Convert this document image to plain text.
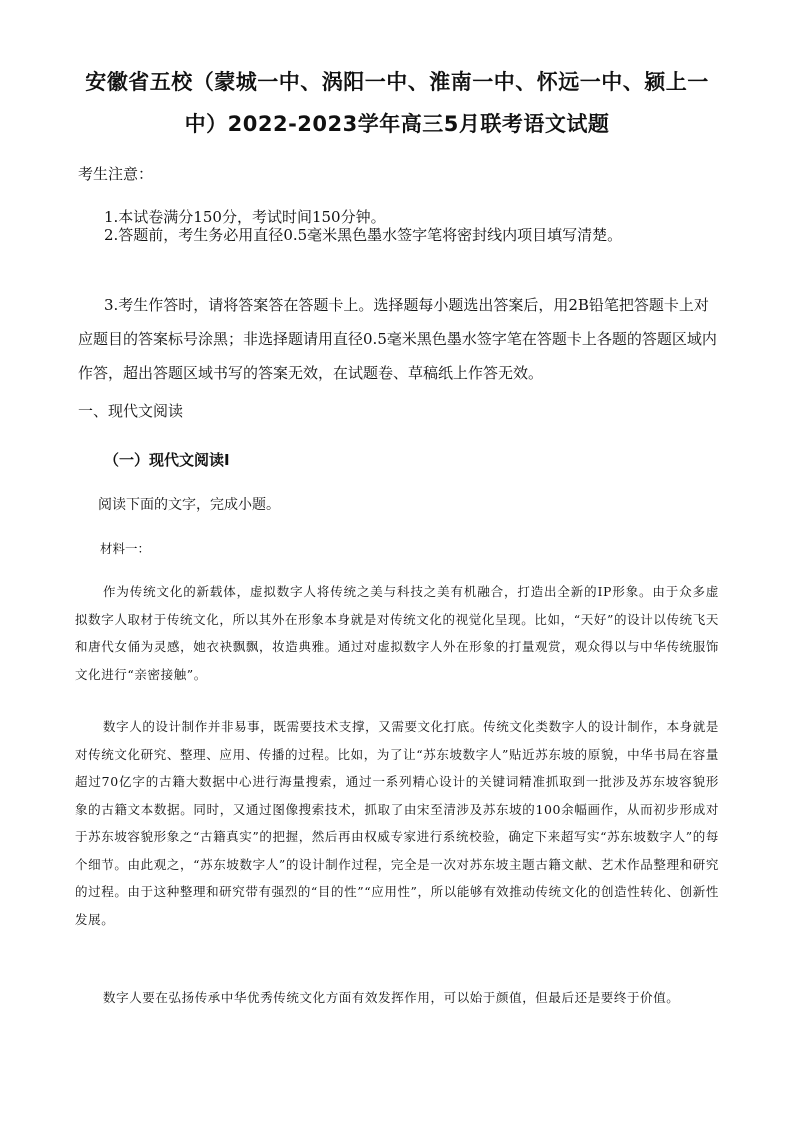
安徽省五校（蒙城一中、涡阳一中、淮南一中、怀远一中、颍上一
中）2022-2023学年高三5月联考语文试题
考生注意：
1.本试卷满分150分，考试时间150分钟。
2.答题前，考生务必用直径0.5毫米黑色墨水签字笔将密封线内项目填写清楚。
3.考生作答时，请将答案答在答题卡上。选择题每小题选出答案后，用2B铅笔把答题卡上对应题目的答案标号涂黑；非选择题请用直径0.5毫米黑色墨水签字笔在答题卡上各题的答题区域内作答，超出答题区域书写的答案无效，在试题卷、草稿纸上作答无效。
一、现代文阅读
（一）现代文阅读Ⅰ
阅读下面的文字，完成小题。
材料一：
作为传统文化的新载体，虚拟数字人将传统之美与科技之美有机融合，打造出全新的IP形象。由于众多虚拟数字人取材于传统文化，所以其外在形象本身就是对传统文化的视觉化呈现。比如，“天好”的设计以传统飞天和唐代女俑为灵感，她衣袂飘飘，妆造典雅。通过对虚拟数字人外在形象的打量观赏，观众得以与中华传统服饰文化进行“亲密接触”。
数字人的设计制作并非易事，既需要技术支撑，又需要文化打底。传统文化类数字人的设计制作，本身就是对传统文化研究、整理、应用、传播的过程。比如，为了让“苏东坡数字人”贴近苏东坡的原貌，中华书局在容量超过70亿字的古籍大数据中心进行海量搜索，通过一系列精心设计的关键词精准抓取到一批涉及苏东坡容貌形象的古籍文本数据。同时，又通过图像搜索技术，抓取了由宋至清涉及苏东坡的100余幅画作，从而初步形成对于苏东坡容貌形象之“古籍真实”的把握，然后再由权威专家进行系统校验，确定下来超写实“苏东坡数字人”的每个细节。由此观之，“苏东坡数字人”的设计制作过程，完全是一次对苏东坡主题古籍文献、艺术作品整理和研究的过程。由于这种整理和研究带有强烈的“目的性”“应用性”，所以能够有效推动传统文化的创造性转化、创新性发展。
数字人要在弘扬传承中华优秀传统文化方面有效发挥作用，可以始于颜值，但最后还是要终于价值。
